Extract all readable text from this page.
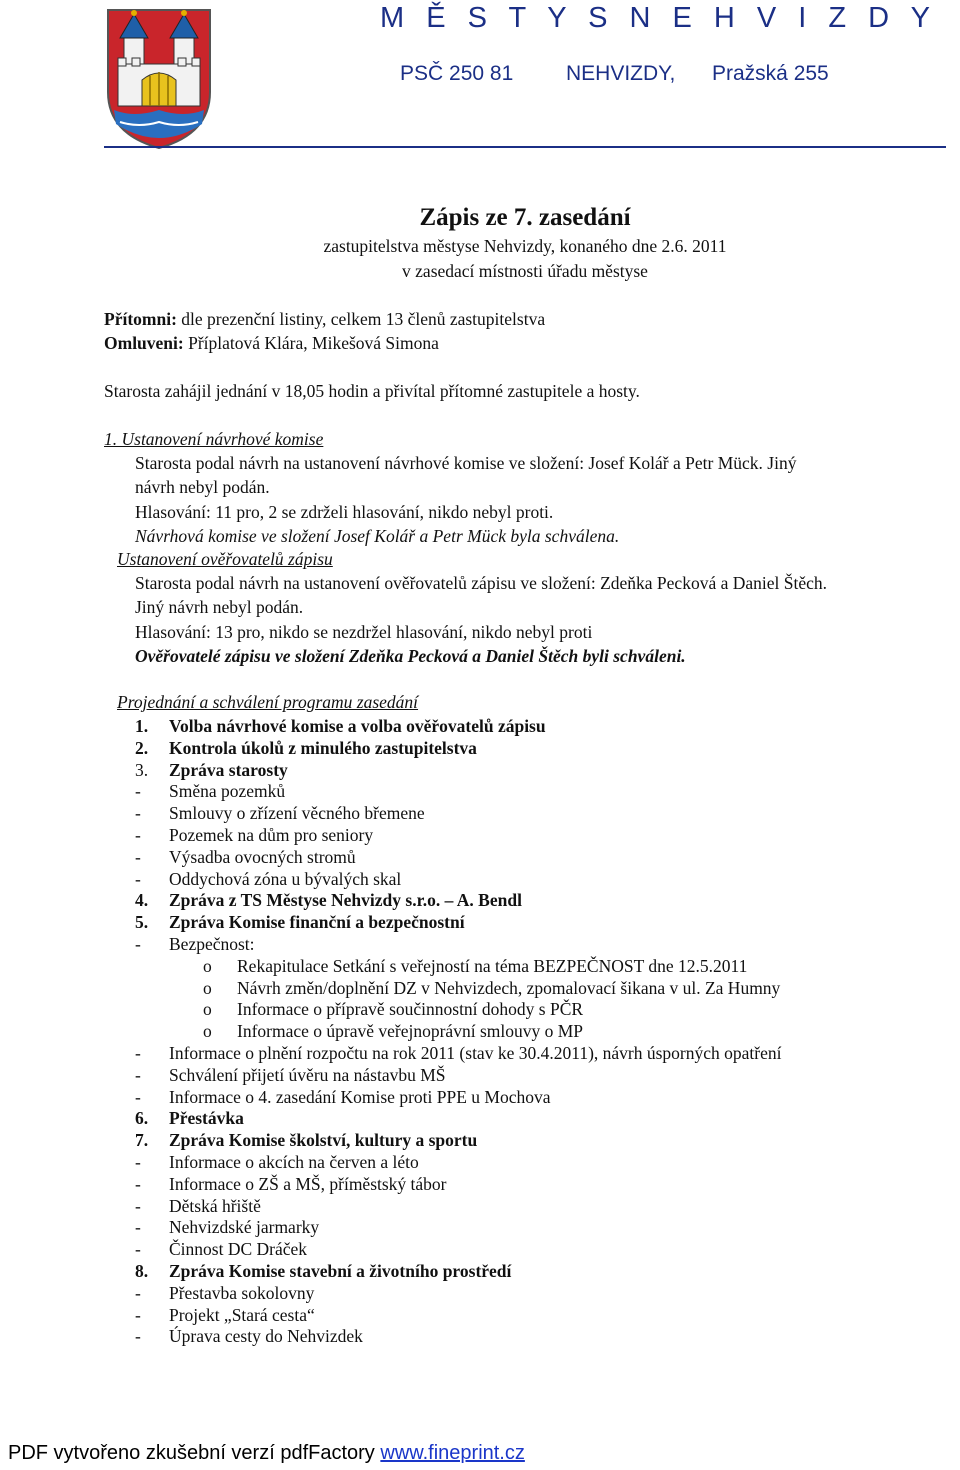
M Ě S T Y S N E H V I Z D Y
PSČ 250 81	NEHVIZDY, Pražská 255
Zápis ze 7. zasedání
zastupitelstva městyse Nehvizdy, konaného dne 2.6. 2011
v zasedací místnosti úřadu městyse
Přítomni: dle prezenční listiny, celkem 13 členů zastupitelstva
Omluveni: Příplatová Klára, Mikešová Simona
Starosta zahájil jednání v 18,05 hodin a přivítal přítomné zastupitele a hosty.
1. Ustanovení návrhové komise
Starosta podal návrh na ustanovení návrhové komise ve složení: Josef Kolář a Petr Mück. Jiný
návrh nebyl podán.
Hlasování: 11 pro, 2 se zdrželi hlasování, nikdo nebyl proti.
Návrhová komise ve složení Josef Kolář a Petr Mück byla schválena.
Ustanovení ověřovatelů zápisu
Starosta podal návrh na ustanovení ověřovatelů zápisu ve složení: Zdeňka Pecková a Daniel Štěch.
Jiný návrh nebyl podán.
Hlasování: 13 pro, nikdo se nezdržel hlasování, nikdo nebyl proti
Ověřovatelé zápisu ve složení Zdeňka Pecková a Daniel Štěch byli schváleni.
Projednání a schválení programu zasedání
1. Volba návrhové komise a volba ověřovatelů zápisu
2. Kontrola úkolů z minulého zastupitelstva
3. Zpráva starosty
- Směna pozemků
- Smlouvy o zřízení věcného břemene
- Pozemek na dům pro seniory
- Výsadba ovocných stromů
- Oddychová zóna u bývalých skal
4. Zpráva z TS Městyse Nehvizdy s.r.o. – A. Bendl
5. Zpráva Komise finanční a bezpečnostní
- Bezpečnost:
o Rekapitulace Setkání s veřejností na téma BEZPEČNOST dne 12.5.2011
o Návrh změn/doplnění DZ v Nehvizdech, zpomalovací šikana v ul. Za Humny
o Informace o přípravě součinnostní dohody s PČR
o Informace o úpravě veřejnoprávní smlouvy o MP
- Informace o plnění rozpočtu na rok 2011 (stav ke 30.4.2011), návrh úsporných opatření
- Schválení přijetí úvěru na nástavbu MŠ
- Informace o 4. zasedání Komise proti PPE u Mochova
6. Přestávka
7. Zpráva Komise školství, kultury a sportu
- Informace o akcích na červen a léto
- Informace o ZŠ a MŠ, příměstský tábor
- Dětská hřiště
- Nehvizdské jarmarky
- Činnost DC Dráček
8. Zpráva Komise stavební a životního prostředí
- Přestavba sokolovny
- Projekt „Stará cesta“
- Úprava cesty do Nehvizdek
PDF vytvořeno zkušební verzí pdfFactory www.fineprint.cz
